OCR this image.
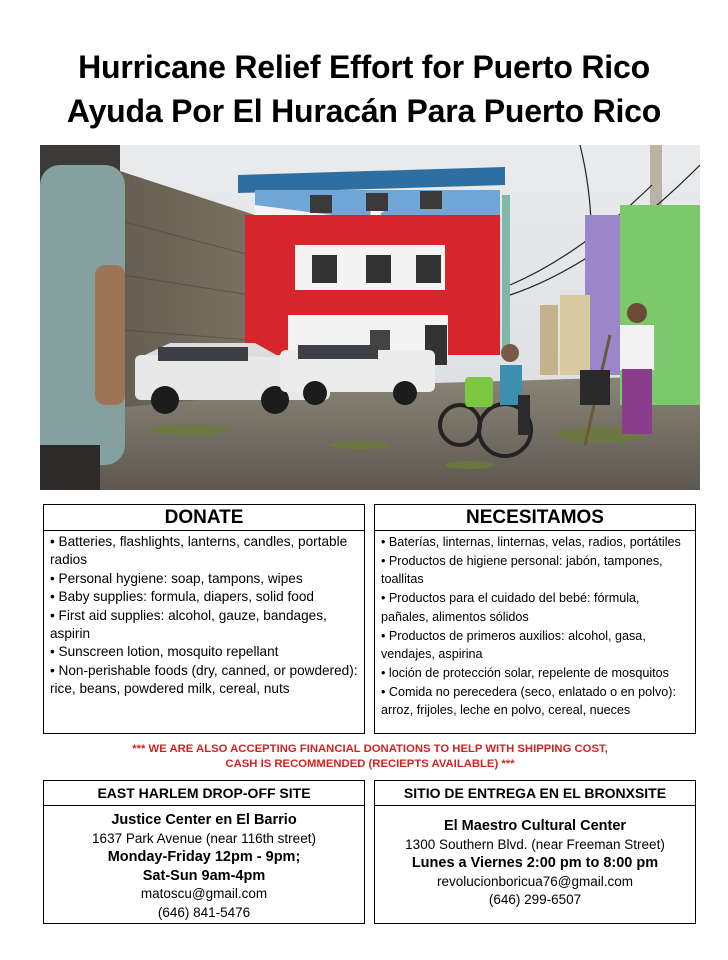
Hurricane Relief Effort for Puerto Rico
Ayuda Por El Huracán Para Puerto Rico
DONATE
• Batteries, flashlights, lanterns, candles, portable radios
• Personal hygiene: soap, tampons, wipes
• Baby supplies: formula, diapers, solid food
• First aid supplies: alcohol, gauze, bandages, aspirin
• Sunscreen lotion, mosquito repellant
• Non-perishable foods (dry, canned, or powdered): rice, beans, powdered milk, cereal, nuts
NECESITAMOS
• Baterías, linternas, linternas, velas, radios, portátiles
• Productos de higiene personal: jabón, tampones, toallitas
• Productos para el cuidado del bebé: fórmula, pañales, alimentos sólidos
• Productos de primeros auxilios: alcohol, gasa, vendajes, aspirina
• loción de protección solar, repelente de mosquitos
• Comida no perecedera (seco, enlatado o en polvo): arroz, frijoles, leche en polvo, cereal, nueces
*** WE ARE ALSO ACCEPTING FINANCIAL DONATIONS TO HELP WITH SHIPPING COST,
CASH IS RECOMMENDED (RECIEPTS AVAILABLE) ***
EAST HARLEM DROP-OFF SITE
Justice Center en El Barrio
1637 Park Avenue (near 116th street)
Monday-Friday 12pm - 9pm;
Sat-Sun 9am-4pm
matoscu@gmail.com
(646) 841-5476
SITIO DE ENTREGA EN EL BRONXSITE
El Maestro Cultural Center
1300 Southern Blvd. (near Freeman Street)
Lunes a Viernes 2:00 pm to 8:00 pm
revolucionboricua76@gmail.com
(646) 299-6507
